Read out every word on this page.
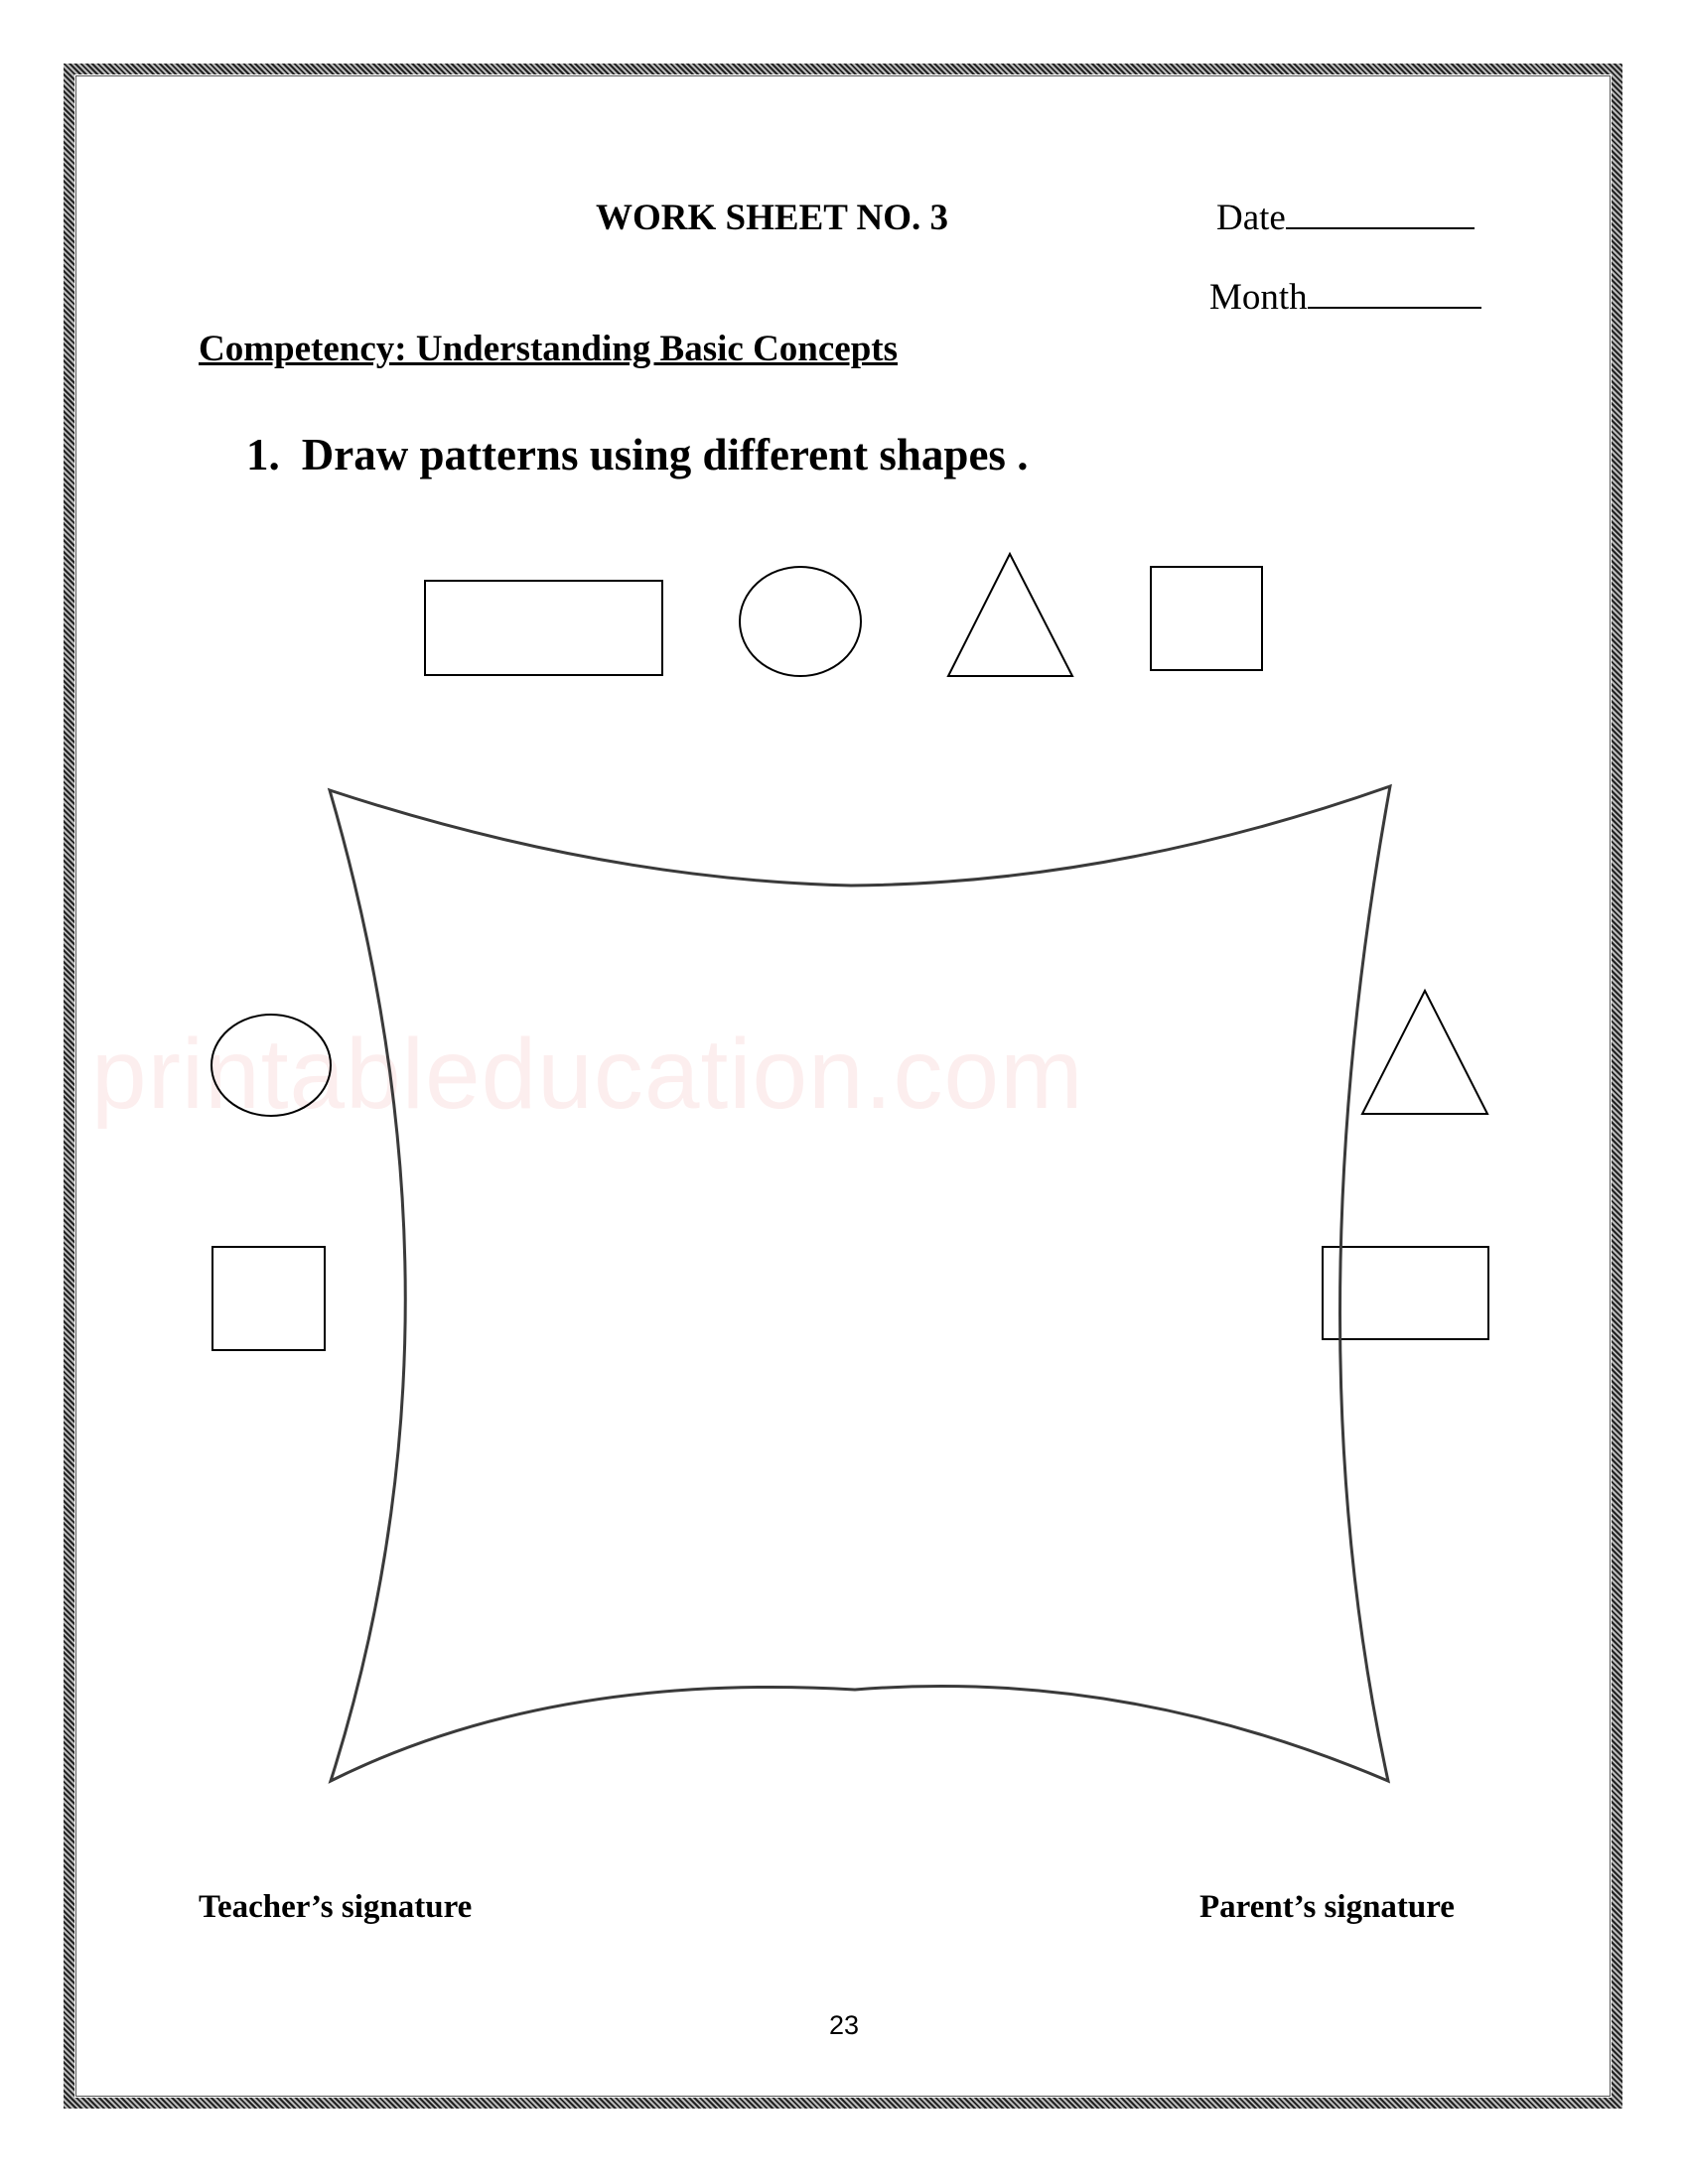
WORK SHEET NO. 3	Date
Month
Competency: Understanding Basic Concepts
1. Draw patterns using different shapes .
printableducation.com
Teacher’s signature	Parent’s signature
23
